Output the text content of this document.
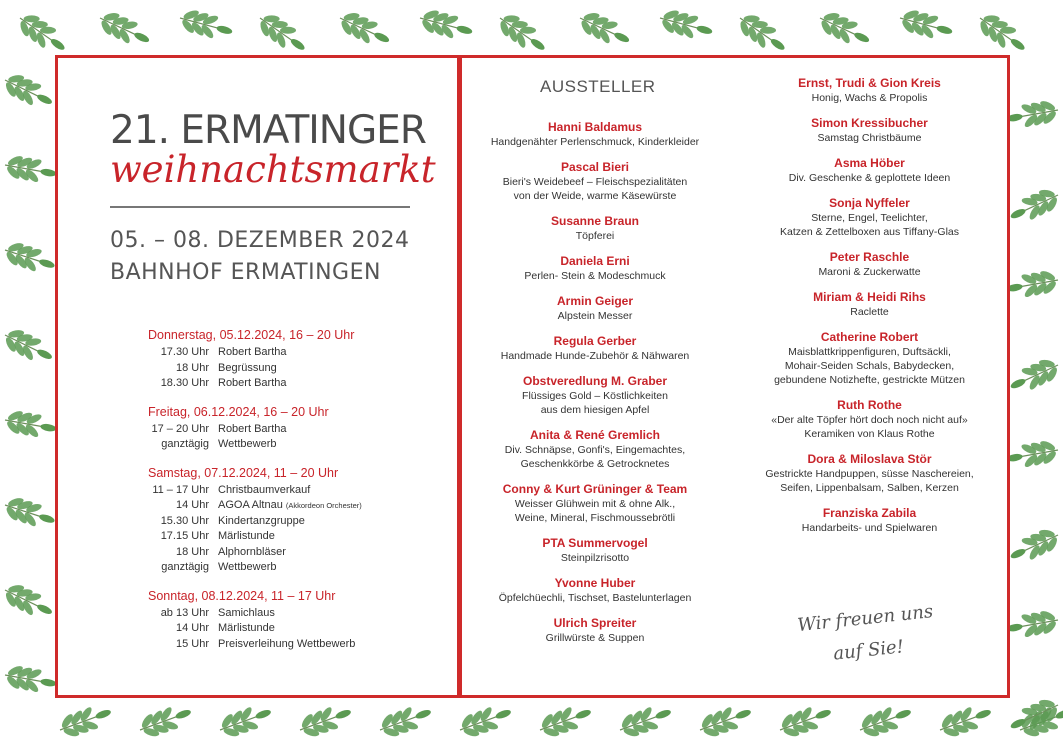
21. ERMATINGER
weihnachtsmarkt
05. – 08. DEZEMBER 2024
BAHNHOF ERMATINGEN
Donnerstag, 05.12.2024, 16 – 20 Uhr
17.30 Uhr Robert Bartha
18 Uhr Begrüssung
18.30 Uhr Robert Bartha
Freitag, 06.12.2024, 16 – 20 Uhr
17 – 20 Uhr Robert Bartha
ganztägig Wettbewerb
Samstag, 07.12.2024, 11 – 20 Uhr
11 – 17 Uhr Christbaumverkauf
14 Uhr AGOA Altnau (Akkordeon Orchester)
15.30 Uhr Kindertanzgruppe
17.15 Uhr Märlistunde
18 Uhr Alphornbläser
ganztägig Wettbewerb
Sonntag, 08.12.2024, 11 – 17 Uhr
ab 13 Uhr Samichlaus
14 Uhr Märlistunde
15 Uhr Preisverleihung Wettbewerb
AUSSTELLER
Hanni Baldamus
Handgenähter Perlenschmuck, Kinderkleider
Pascal Bieri
Bieri's Weidebeef – Fleischspezialitäten
von der Weide, warme Käsewürste
Susanne Braun
Töpferei
Daniela Erni
Perlen- Stein & Modeschmuck
Armin Geiger
Alpstein Messer
Regula Gerber
Handmade Hunde-Zubehör & Nähwaren
Obstveredlung M. Graber
Flüssiges Gold – Köstlichkeiten
aus dem hiesigen Apfel
Anita & René Gremlich
Div. Schnäpse, Gonfi's, Eingemachtes,
Geschenkkörbe & Getrocknetes
Conny & Kurt Grüninger & Team
Weisser Glühwein mit & ohne Alk.,
Weine, Mineral, Fischmoussebrötli
PTA Summervogel
Steinpilzrisotto
Yvonne Huber
Öpfelchüechli, Tischset, Bastelunterlagen
Ulrich Spreiter
Grillwürste & Suppen
Ernst, Trudi & Gion Kreis
Honig, Wachs & Propolis
Simon Kressibucher
Samstag Christbäume
Asma Höber
Div. Geschenke & geplottete Ideen
Sonja Nyffeler
Sterne, Engel, Teelichter,
Katzen & Zettelboxen aus Tiffany-Glas
Peter Raschle
Maroni & Zuckerwatte
Miriam & Heidi Rihs
Raclette
Catherine Robert
Maisblattkrippenfiguren, Duftsäckli,
Mohair-Seiden Schals, Babydecken,
gebundene Notizhefte, gestrickte Mützen
Ruth Rothe
«Der alte Töpfer hört doch noch nicht auf»
Keramiken von Klaus Rothe
Dora & Miloslava Stör
Gestrickte Handpuppen, süsse Naschereien,
Seifen, Lippenbalsam, Salben, Kerzen
Franziska Zabila
Handarbeits- und Spielwaren
Wir freuen uns
auf Sie!
